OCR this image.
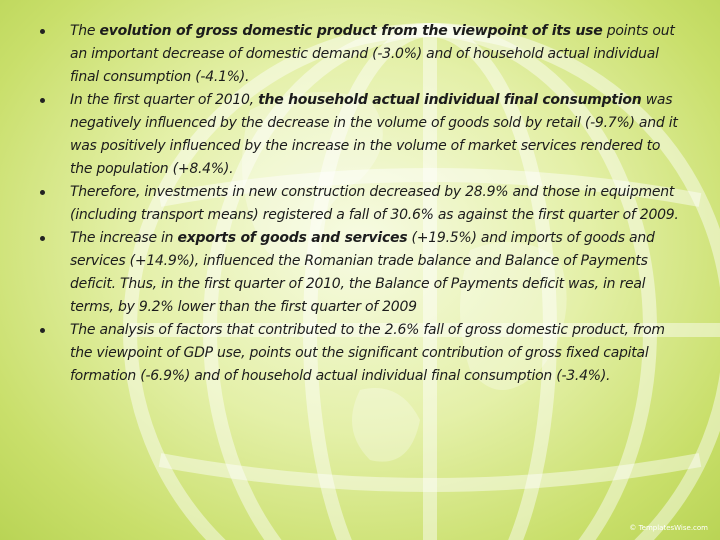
The evolution of gross domestic product from the viewpoint of its use points out an important decrease of domestic demand (-3.0%) and of household actual individual final consumption (-4.1%).
In the first quarter of 2010, the household actual individual final consumption was negatively influenced by the decrease in the volume of goods sold by retail (-9.7%) and it was positively influenced by the increase in the volume of market services rendered to the population (+8.4%).
Therefore, investments in new construction decreased by 28.9% and those in equipment (including transport means) registered a fall of 30.6% as against the first quarter of 2009.
The increase in exports of goods and services (+19.5%) and imports of goods and services (+14.9%), influenced the Romanian trade balance and Balance of Payments deficit. Thus, in the first quarter of 2010, the Balance of Payments deficit was, in real terms, by 9.2% lower than the first quarter of 2009
The analysis of factors that contributed to the 2.6% fall of gross domestic product, from the viewpoint of GDP use, points out the significant contribution of gross fixed capital formation (-6.9%) and of household actual individual final consumption (-3.4%).
© TemplatesWise.com
